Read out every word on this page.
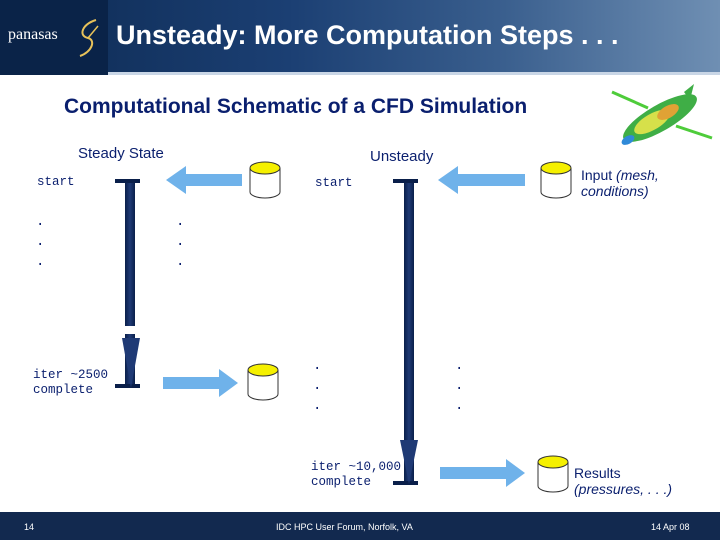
panasas Unsteady: More Computation Steps . . .
Computational Schematic of a CFD Simulation
Steady State	Unsteady
start	start
.
.
.
.
.
.
.
.
.
.
.
.
iter ~2500
complete
iter ~10,000
complete
Input (mesh,
conditions)
Results
(pressures, . . .)
14	IDC HPC User Forum, Norfolk, VA	14 Apr 08
